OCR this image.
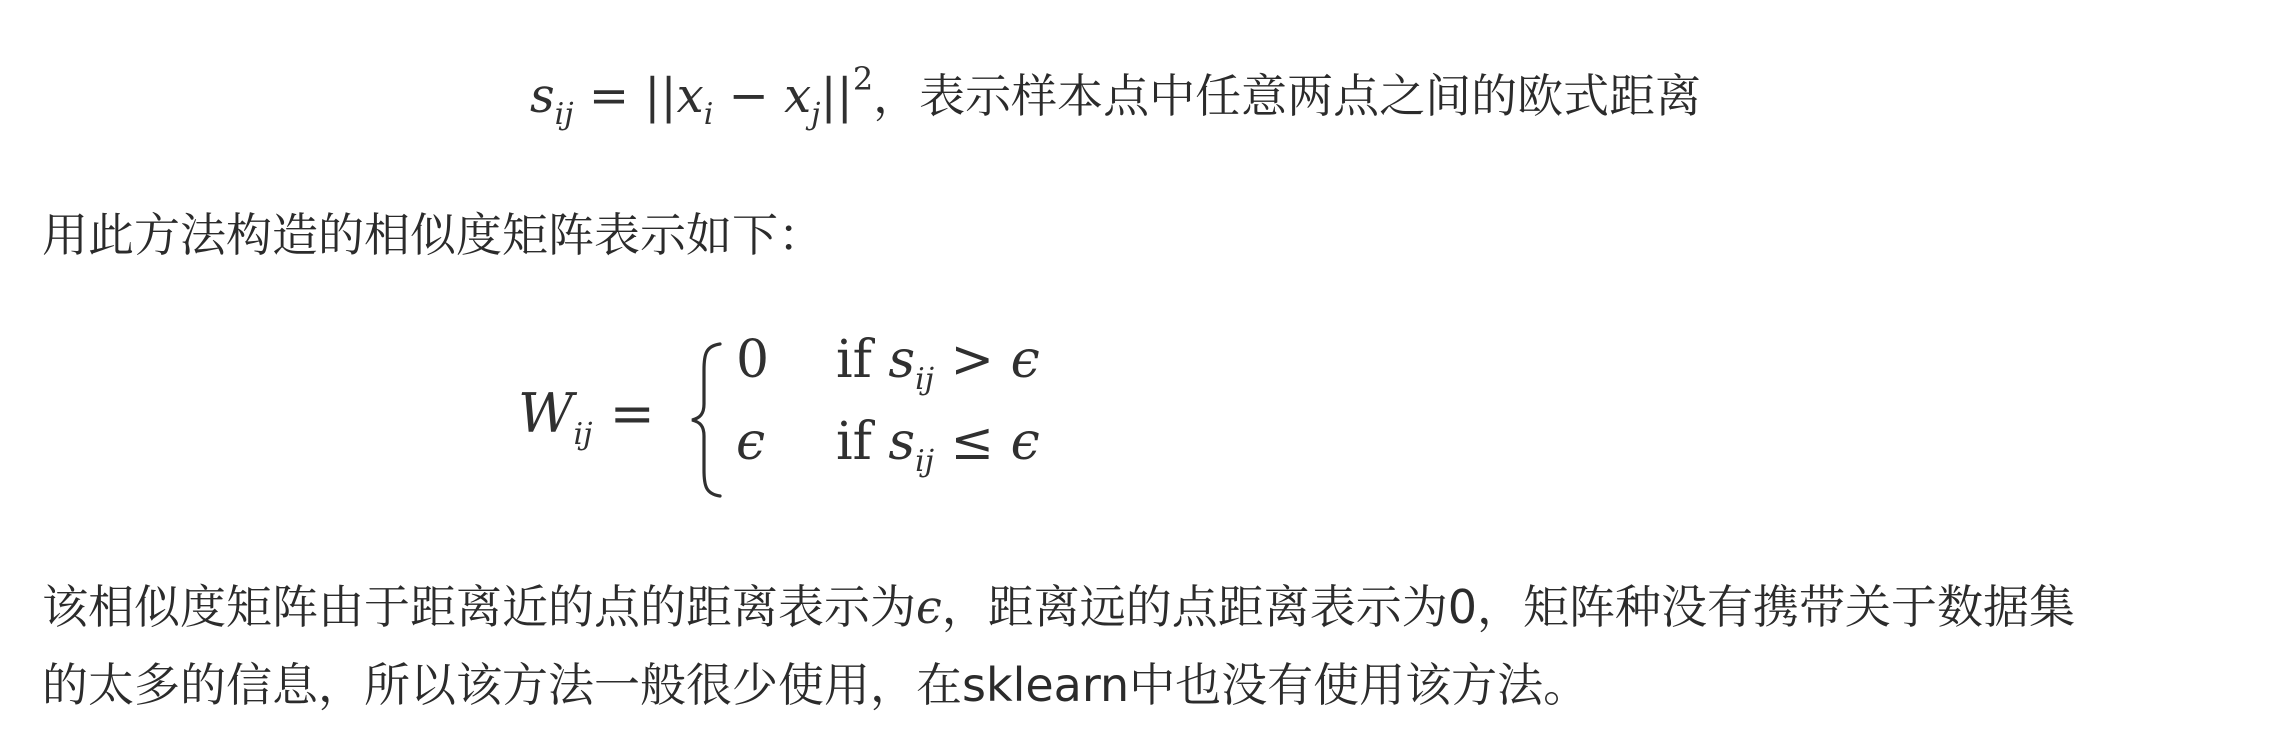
$s_{ij} = ||x_i - x_j||^2$，表示样本点中任意两点之间的欧式距离
用此方法构造的相似度矩阵表示如下：
$W_{ij}$ =
0 if $s_{ij} > \epsilon$
ϵ if $s_{ij} \le \epsilon$
该相似度矩阵由于距离近的点的距离表示为ϵ，距离远的点距离表示为0，矩阵种没有携带关于数据集
的太多的信息，所以该方法一般很少使用，在sklearn中也没有使用该方法。
